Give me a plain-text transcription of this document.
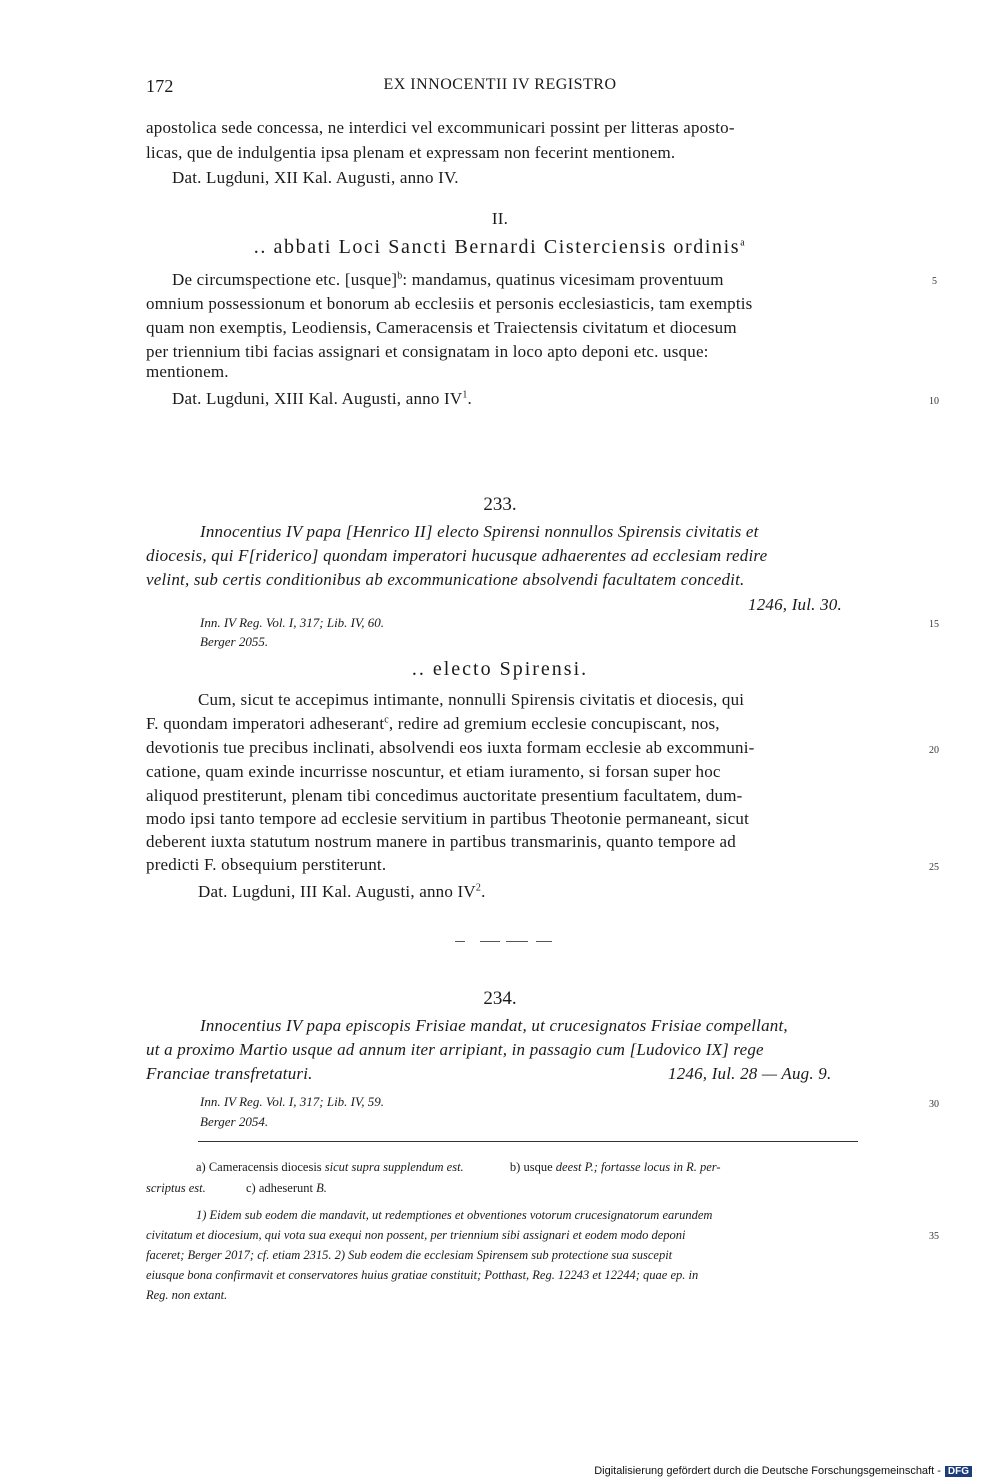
172	EX INNOCENTII IV REGISTRO
apostolica sede concessa, ne interdici vel excommunicari possint per litteras aposto-
licas, que de indulgentia ipsa plenam et expressam non fecerint mentionem.
Dat. Lugduni, XII Kal. Augusti, anno IV.
II.
.. abbati Loci Sancti Bernardi Cisterciensis ordinis$^a$
De circumspectione etc. [usque]$^b$: mandamus, quatinus vicesimam proventuum
omnium possessionum et bonorum ab ecclesiis et personis ecclesiasticis, tam exemptis
quam non exemptis, Leodiensis, Cameracensis et Traiectensis civitatum et diocesum
per triennium tibi facias assignari et consignatam in loco apto deponi etc. usque:
mentionem.
Dat. Lugduni, XIII Kal. Augusti, anno $IV^1$.
233.
Innocentius IV papa [Henrico II] electo Spirensi nonnullos Spirensis civitatis et
diocesis, qui F[riderico] quondam imperatori hucusque adhaerentes ad ecclesiam redire
velint, sub certis conditionibus ab excommunicatione absolvendi facultatem concedit.
1246, Iul. 30.
Inn. IV Reg. Vol. I, 317; Lib. IV, 60.
Berger 2055.
.. electo Spirensi.
Cum, sicut te accepimus intimante, nonnulli Spirensis civitatis et diocesis, qui
F. quondam imperatori adheserant$^c$, redire ad gremium ecclesie concupiscant, nos,
devotionis tue precibus inclinati, absolvendi eos iuxta formam ecclesie ab excommuni-
catione, quam exinde incurrisse noscuntur, et etiam iuramento, si forsan super hoc
aliquod prestiterunt, plenam tibi concedimus auctoritate presentium facultatem, dum-
modo ipsi tanto tempore ad ecclesie servitium in partibus Theotonie permaneant, sicut
deberent iuxta statutum nostrum manere in partibus transmarinis, quanto tempore ad
predicti F. obsequium perstiterunt.
Dat. Lugduni, III Kal. Augusti, anno $IV^2$.
234.
Innocentius IV papa episcopis Frisiae mandat, ut crucesignatos Frisiae compellant,
ut a proximo Martio usque ad annum iter arripiant, in passagio cum [Ludovico IX] rege
Franciae transfretaturi.	1246, Iul. 28 — Aug. 9.
Inn. IV Reg. Vol. I, 317; Lib. IV, 59.
Berger 2054.
a) Cameracensis diocesis sicut supra supplendum est.	b) usque deest P.; fortasse locus in R. per-
scriptus est.	c) adheserunt B.
1) Eidem sub eodem die mandavit, ut redemptiones et obventiones votorum crucesignatorum earundem
civitatum et diocesium, qui vota sua exequi non possent, per triennium sibi assignari et eodem modo deponi
faceret; Berger 2017; cf. etiam 2315. 2) Sub eodem die ecclesiam Spirensem sub protectione sua suscepit
eiusque bona confirmavit et conservatores huius gratiae constituit; Potthast, Reg. 12243 et 12244; quae ep. in
Reg. non extant.
5
10
15
20
25
30
35
Digitalisierung gefördert durch die Deutsche Forschungsgemeinschaft - DFG
